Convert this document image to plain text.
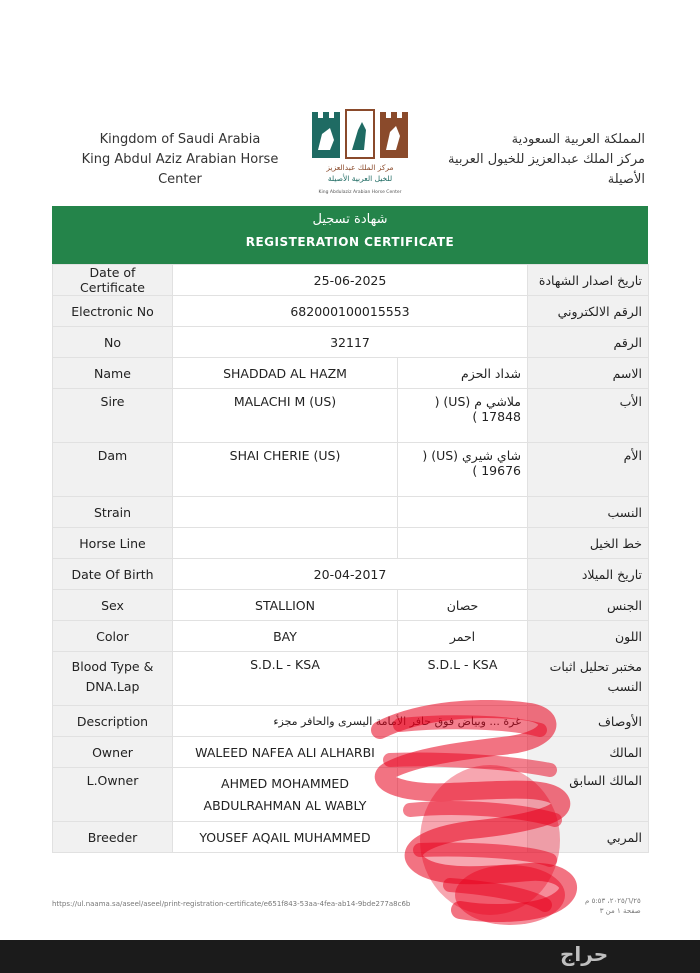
Kingdom of Saudi Arabia
King Abdul Aziz Arabian Horse Center
مركز الملك عبدالعزيز
للخيل العربية الأصيلة
King Abdulaziz Arabian Horse Center
المملكة العربية السعودية
مركز الملك عبدالعزيز للخيول العربية الأصيلة
شهادة تسجيل
REGISTERATION CERTIFICATE
Date of Certificate	25-06-2025		تاريخ اصدار الشهادة
Electronic No	682000100015553		الرقم الالكتروني
No	32117		الرقم
Name	SHADDAD AL HAZM	شداد الحزم	الاسم
Sire	MALACHI M (US)	ملاشي م (US) ( 17848 )	الأب
Dam	SHAI CHERIE (US)	شاي شيري (US) ( 19676 )	الأم
Strain			النسب
Horse Line			خط الخيل
Date Of Birth	20-04-2017		تاريخ الميلاد
Sex	STALLION	حصان	الجنس
Color	BAY	احمر	اللون
Blood Type & DNA.Lap	S.D.L - KSA	S.D.L - KSA	مختبر تحليل اثبات النسب
Description	غرة ... وبياض فوق حافر الأمامة اليسرى والحافر مجزء		الأوصاف
Owner	WALEED NAFEA ALI ALHARBI		المالك
L.Owner	AHMED MOHAMMED
ABDULRAHMAN AL WABLY		المالك السابق
Breeder	YOUSEF AQAIL MUHAMMED		المربي
https://ul.naama.sa/aseel/aseel/print-registration-certificate/e651f843-53aa-4fea-ab14-9bde277a8c6b	٢٠٢٥/٦/٢٥، ٥:٥٣ م
صفحة ١ من ٣
حراج
